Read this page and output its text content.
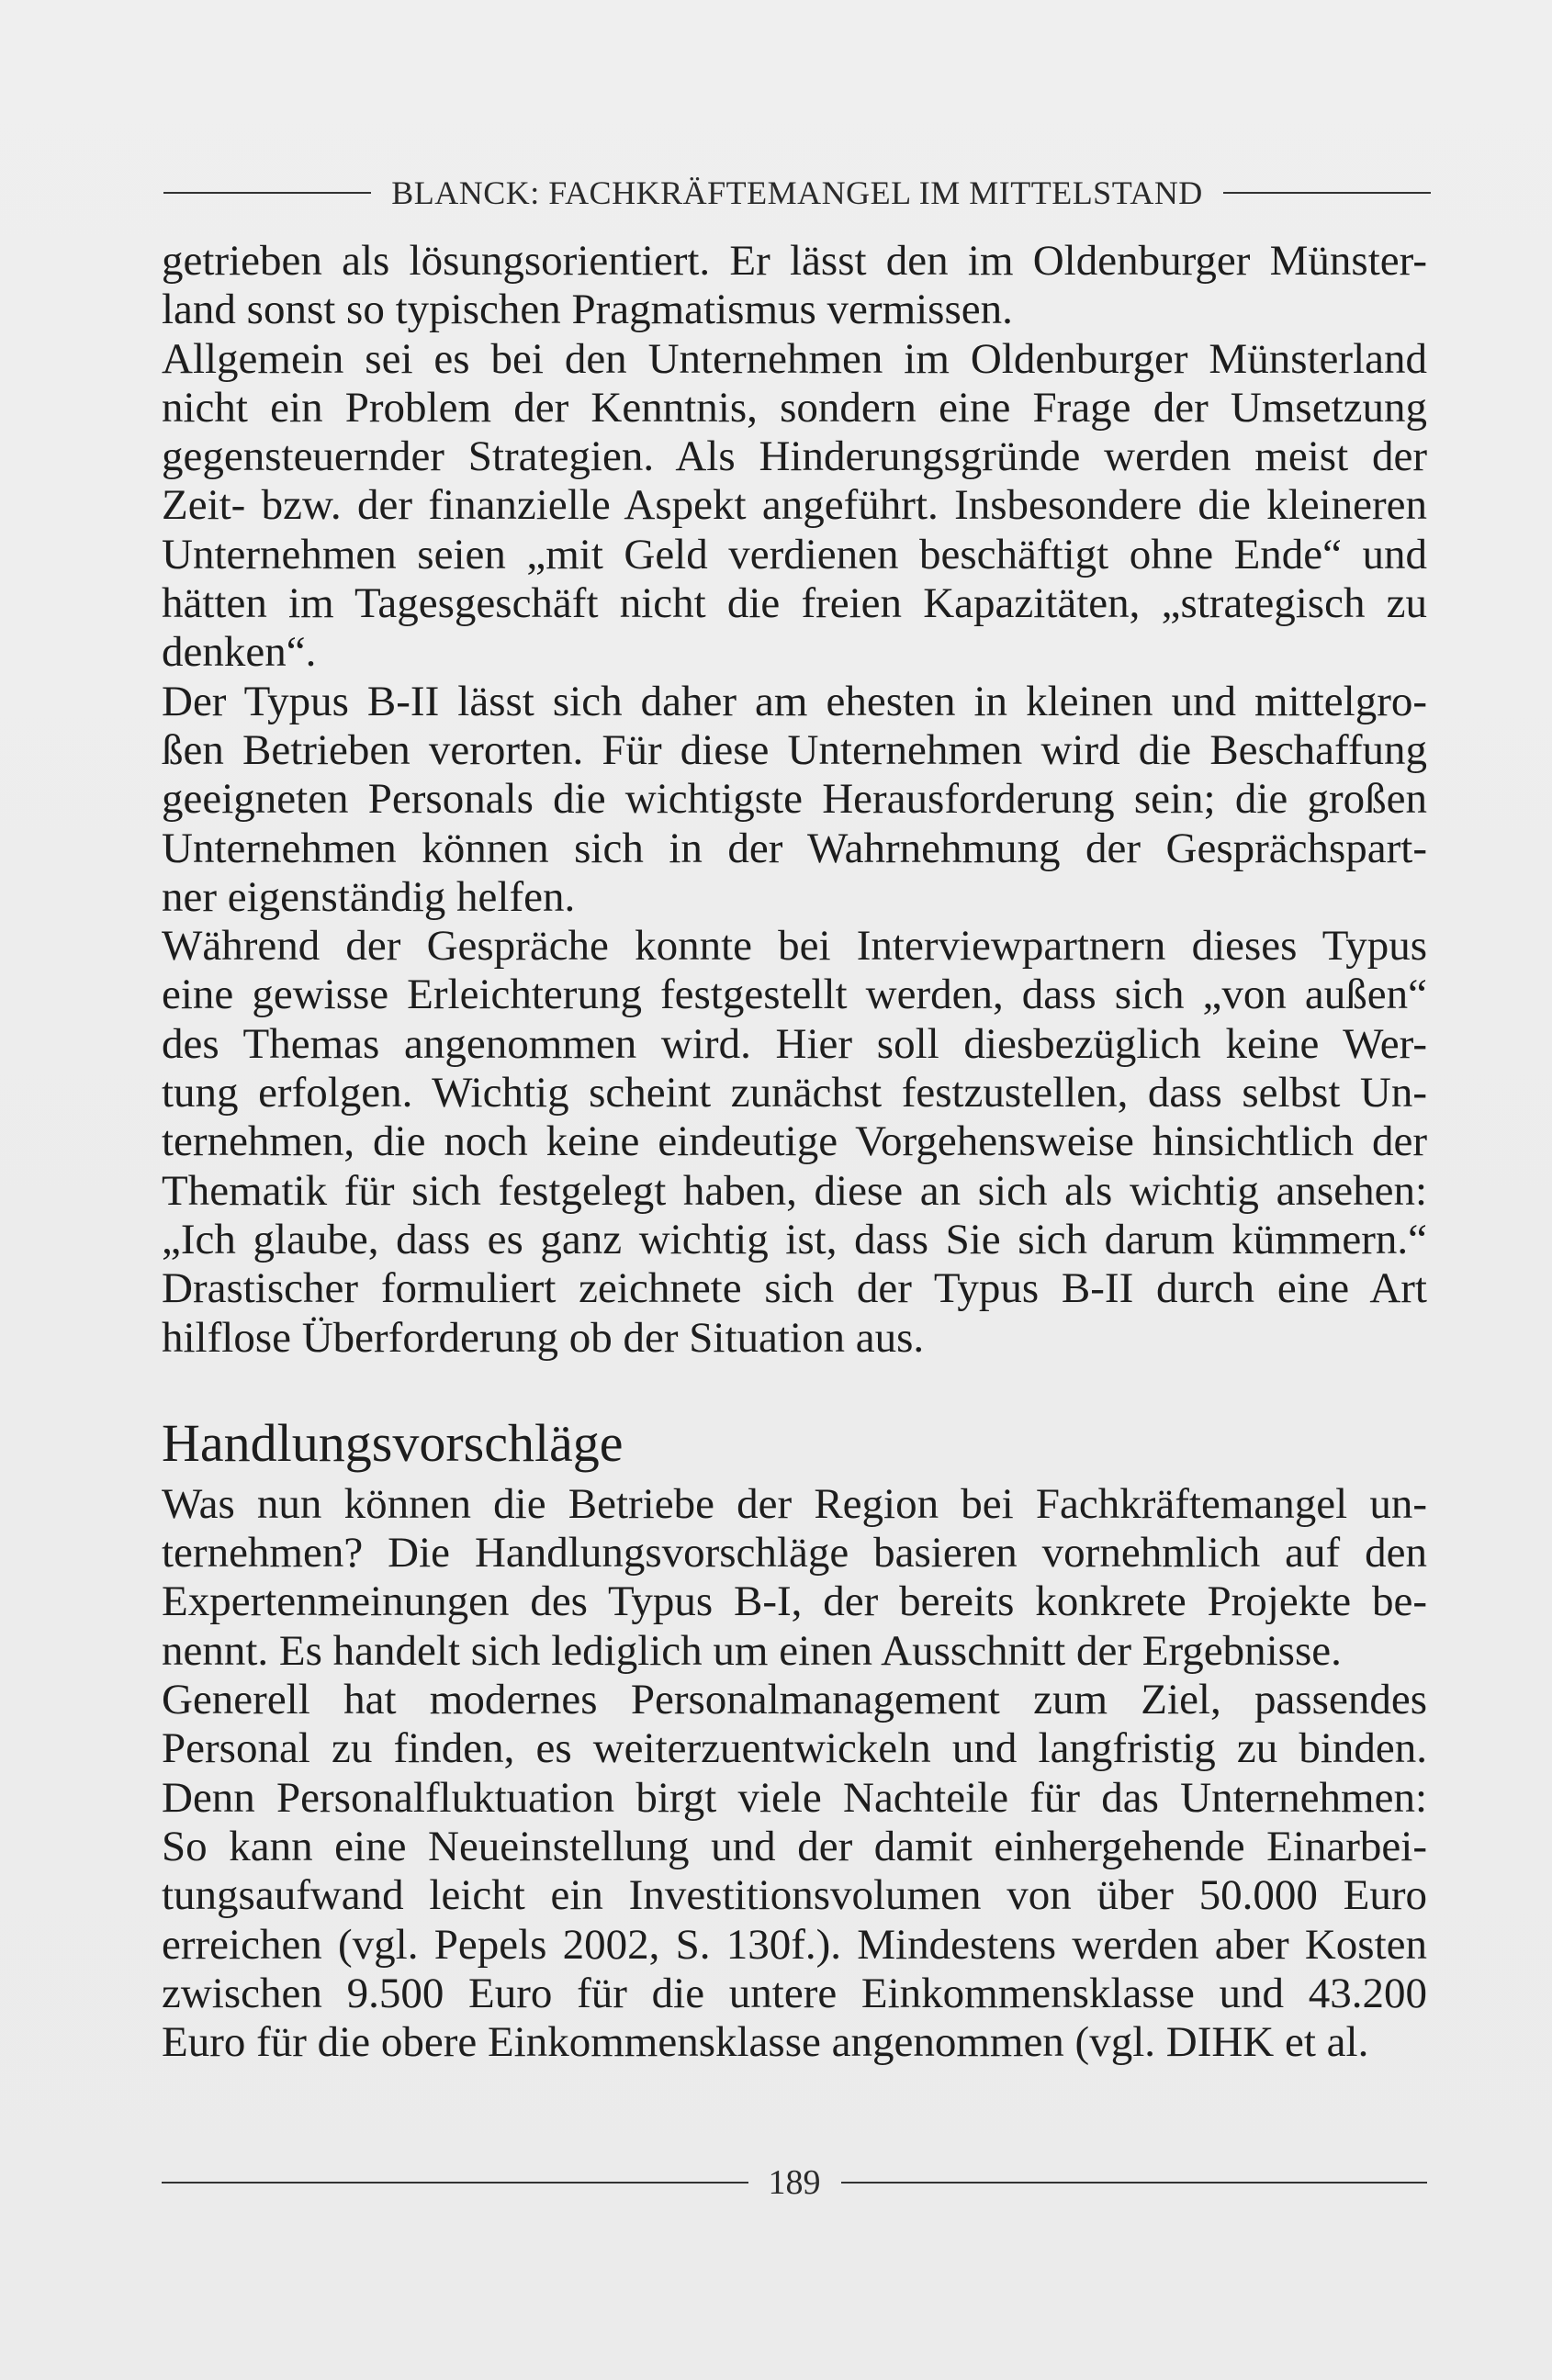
BLANCK: FACHKRÄFTEMANGEL IM MITTELSTAND

getrieben als lösungsorientiert. Er lässt den im Oldenburger Münster-
land sonst so typischen Pragmatismus vermissen.

Allgemein sei es bei den Unternehmen im Oldenburger Münsterland
nicht ein Problem der Kenntnis, sondern eine Frage der Umsetzung
gegensteuernder Strategien. Als Hinderungsgründe werden meist der
Zeit- bzw. der finanzielle Aspekt angeführt. Insbesondere die kleineren
Unternehmen seien „mit Geld verdienen beschäftigt ohne Ende“ und
hätten im Tagesgeschäft nicht die freien Kapazitäten, „strategisch zu
denken“.

Der Typus B-II lässt sich daher am ehesten in kleinen und mittelgro-
ßen Betrieben verorten. Für diese Unternehmen wird die Beschaffung
geeigneten Personals die wichtigste Herausforderung sein; die großen
Unternehmen können sich in der Wahrnehmung der Gesprächspart-
ner eigenständig helfen.

Während der Gespräche konnte bei Interviewpartnern dieses Typus
eine gewisse Erleichterung festgestellt werden, dass sich „von außen“
des Themas angenommen wird. Hier soll diesbezüglich keine Wer-
tung erfolgen. Wichtig scheint zunächst festzustellen, dass selbst Un-
ternehmen, die noch keine eindeutige Vorgehensweise hinsichtlich der
Thematik für sich festgelegt haben, diese an sich als wichtig ansehen:
„Ich glaube, dass es ganz wichtig ist, dass Sie sich darum kümmern.“
Drastischer formuliert zeichnete sich der Typus B-II durch eine Art
hilflose Überforderung ob der Situation aus.

Handlungsvorschläge

Was nun können die Betriebe der Region bei Fachkräftemangel un-
ternehmen? Die Handlungsvorschläge basieren vornehmlich auf den
Expertenmeinungen des Typus B-I, der bereits konkrete Projekte be-
nennt. Es handelt sich lediglich um einen Ausschnitt der Ergebnisse.

Generell hat modernes Personalmanagement zum Ziel, passendes
Personal zu finden, es weiterzuentwickeln und langfristig zu binden.
Denn Personalfluktuation birgt viele Nachteile für das Unternehmen:
So kann eine Neueinstellung und der damit einhergehende Einarbei-
tungsaufwand leicht ein Investitionsvolumen von über 50.000 Euro
erreichen (vgl. Pepels 2002, S. 130f.). Mindestens werden aber Kosten
zwischen 9.500 Euro für die untere Einkommensklasse und 43.200
Euro für die obere Einkommensklasse angenommen (vgl. DIHK et al.

189
